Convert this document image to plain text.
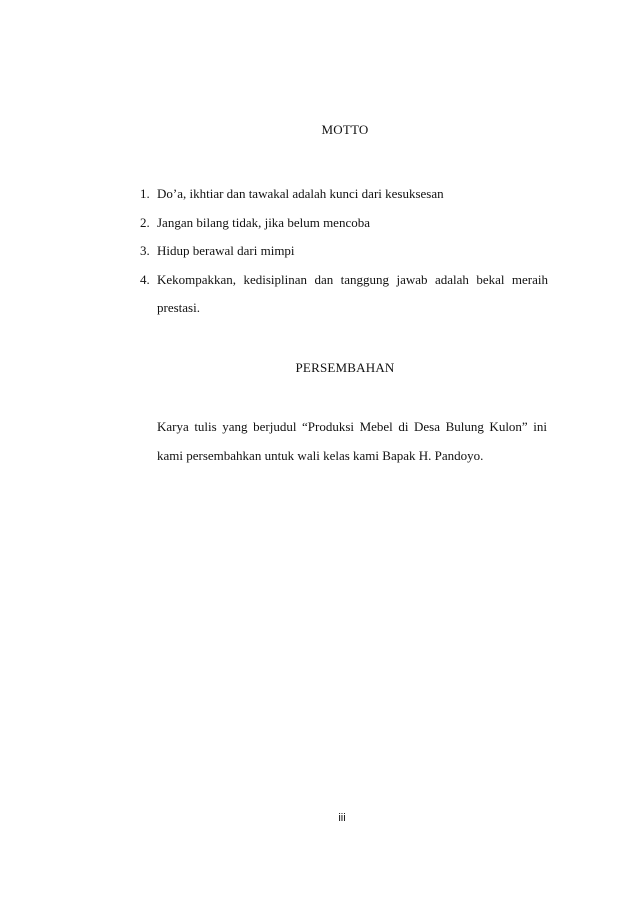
MOTTO
1. Do’a, ikhtiar dan tawakal adalah kunci dari kesuksesan
2. Jangan bilang tidak, jika belum mencoba
3. Hidup berawal dari mimpi
4. Kekompakkan, kedisiplinan dan tanggung jawab adalah bekal meraih prestasi.
PERSEMBAHAN

Karya tulis yang berjudul “Produksi Mebel di Desa Bulung Kulon” ini kami persembahkan untuk wali kelas kami Bapak H. Pandoyo.

iii
